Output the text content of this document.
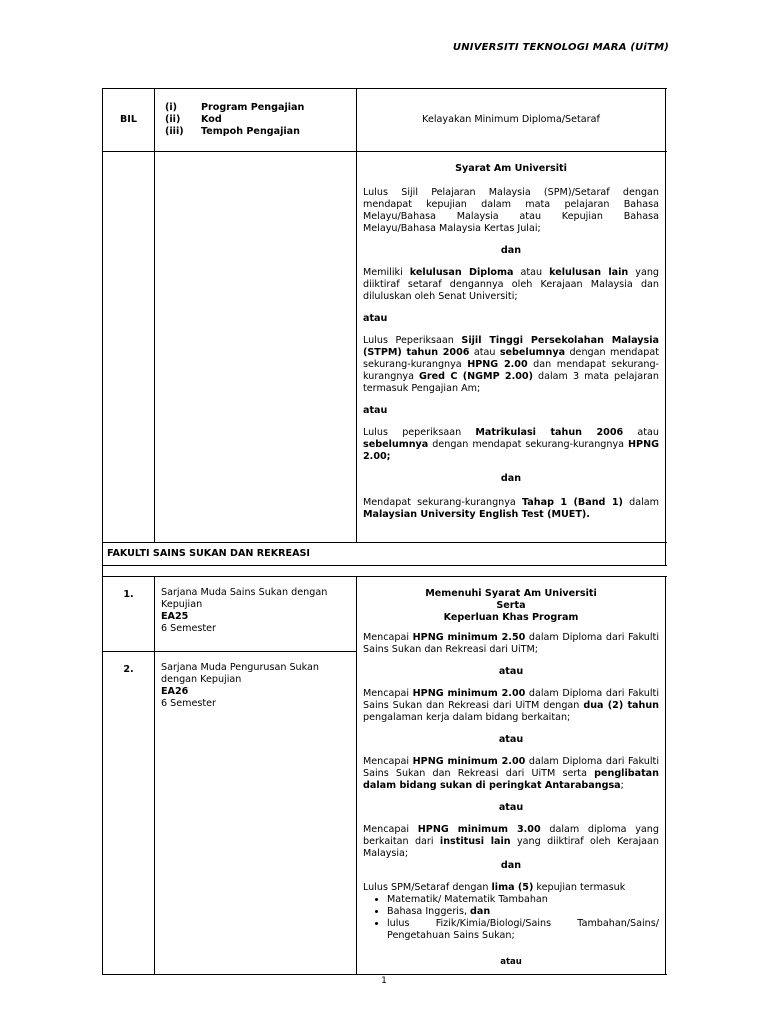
UNIVERSITI TEKNOLOGI MARA (UiTM)
BIL
(i)	Program Pengajian
(ii)	Kod
(iii)	Tempoh Pengajian
Kelayakan Minimum Diploma/Setaraf

Syarat Am Universiti

Lulus Sijil Pelajaran Malaysia (SPM)/Setaraf dengan mendapat kepujian dalam mata pelajaran Bahasa Melayu/Bahasa Malaysia atau Kepujian Bahasa Melayu/Bahasa Malaysia Kertas Julai;

dan

Memiliki kelulusan Diploma atau kelulusan lain yang diiktiraf setaraf dengannya oleh Kerajaan Malaysia dan diluluskan oleh Senat Universiti;

atau

Lulus Peperiksaan Sijil Tinggi Persekolahan Malaysia (STPM) tahun 2006 atau sebelumnya dengan mendapat sekurang-kurangnya HPNG 2.00 dan mendapat sekurang-kurangnya Gred C (NGMP 2.00) dalam 3 mata pelajaran termasuk Pengajian Am;

atau

Lulus peperiksaan Matrikulasi tahun 2006 atau sebelumnya dengan mendapat sekurang-kurangnya HPNG 2.00;

dan

Mendapat sekurang-kurangnya Tahap 1 (Band 1) dalam Malaysian University English Test (MUET).

FAKULTI SAINS SUKAN DAN REKREASI
1.	Sarjana Muda Sains Sukan dengan Kepujian

EA25

6 Semester

2.	Sarjana Muda Pengurusan Sukan dengan Kepujian

EA26

6 Semester

Memenuhi Syarat Am Universiti

Serta

Keperluan Khas Program

Mencapai HPNG minimum 2.50 dalam Diploma dari Fakulti Sains Sukan dan Rekreasi dari UiTM;

atau

Mencapai HPNG minimum 2.00 dalam Diploma dari Fakulti Sains Sukan dan Rekreasi dari UiTM dengan dua (2) tahun pengalaman kerja dalam bidang berkaitan;

atau

Mencapai HPNG minimum 2.00 dalam Diploma dari Fakulti Sains Sukan dan Rekreasi dari UiTM serta penglibatan dalam bidang sukan di peringkat Antarabangsa;

atau

Mencapai HPNG minimum 3.00 dalam diploma yang berkaitan dari institusi lain yang diiktiraf oleh Kerajaan Malaysia;

dan

Lulus SPM/Setaraf dengan lima (5) kepujian termasuk

• Matematik/ Matematik Tambahan
• Bahasa Inggeris, dan
• lulus Fizik/Kimia/Biologi/Sains Tambahan/Sains/ Pengetahuan Sains Sukan;

atau

1
